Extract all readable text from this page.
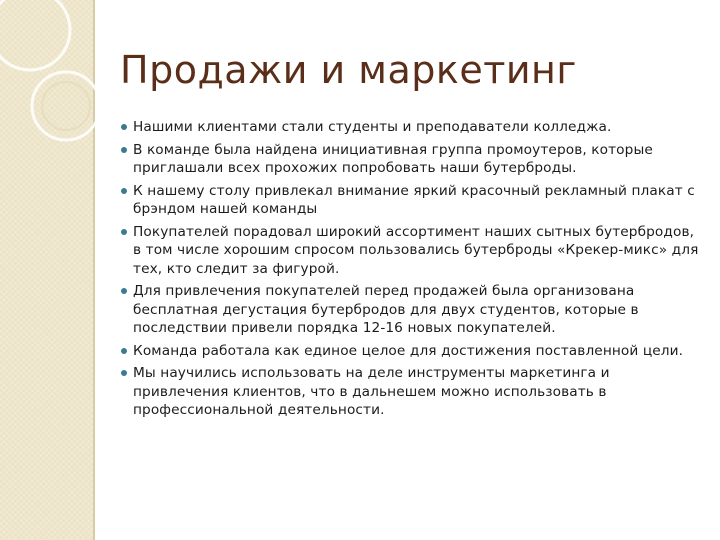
Продажи и маркетинг
Нашими клиентами стали студенты и преподаватели колледжа.
В команде была найдена инициативная группа промоутеров, которые приглашали всех прохожих попробовать наши бутерброды.
К нашему столу привлекал внимание яркий красочный рекламный плакат с брэндом нашей команды
Покупателей порадовал широкий ассортимент наших сытных бутербродов, в том числе хорошим спросом пользовались бутерброды «Крекер-микс» для тех, кто следит за фигурой.
Для привлечения покупателей перед продажей была организована бесплатная дегустация бутербродов для двух студентов, которые в последствии привели порядка 12-16 новых покупателей.
Команда работала как единое целое для достижения поставленной цели.
Мы научились использовать на деле инструменты маркетинга и привлечения клиентов, что в дальнешем можно использовать в профессиональной деятельности.
